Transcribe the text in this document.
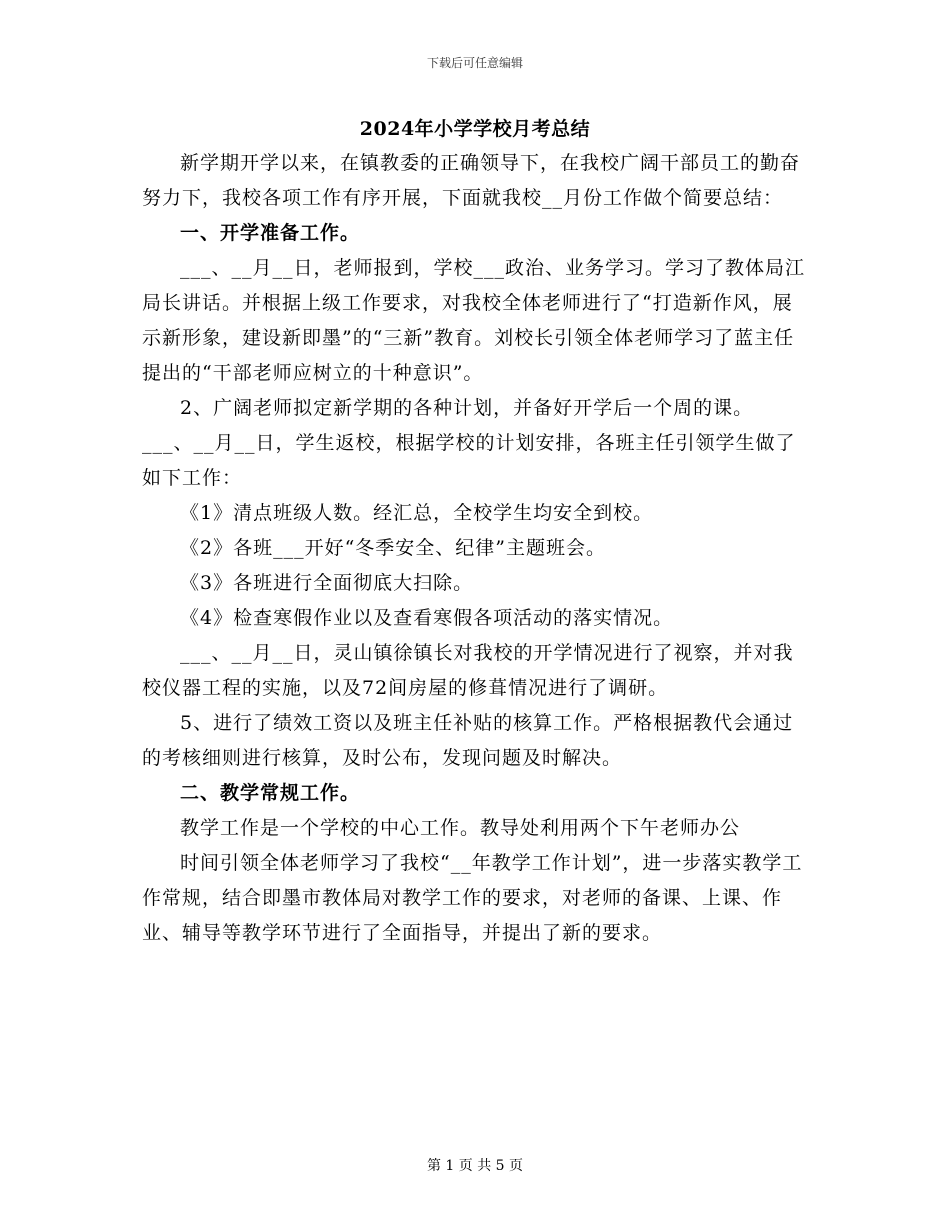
下载后可任意编辑
2024年小学学校月考总结

新学期开学以来，在镇教委的正确领导下，在我校广阔干部员工的勤奋努力下，我校各项工作有序开展，下面就我校__月份工作做个简要总结：

一、开学准备工作。

___、__月__日，老师报到，学校___政治、业务学习。学习了教体局江局长讲话。并根据上级工作要求，对我校全体老师进行了“打造新作风，展示新形象，建设新即墨”的“三新”教育。刘校长引领全体老师学习了蓝主任提出的“干部老师应树立的十种意识”。

2、广阔老师拟定新学期的各种计划，并备好开学后一个周的课。

___、__月__日，学生返校，根据学校的计划安排，各班主任引领学生做了如下工作：

《1》清点班级人数。经汇总，全校学生均安全到校。

《2》各班___开好“冬季安全、纪律”主题班会。

《3》各班进行全面彻底大扫除。

《4》检查寒假作业以及查看寒假各项活动的落实情况。

___、__月__日，灵山镇徐镇长对我校的开学情况进行了视察，并对我校仪器工程的实施，以及72间房屋的修葺情况进行了调研。

5、进行了绩效工资以及班主任补贴的核算工作。严格根据教代会通过的考核细则进行核算，及时公布，发现问题及时解决。

二、教学常规工作。

教学工作是一个学校的中心工作。教导处利用两个下午老师办公

时间引领全体老师学习了我校“__年教学工作计划”，进一步落实教学工作常规，结合即墨市教体局对教学工作的要求，对老师的备课、上课、作业、辅导等教学环节进行了全面指导，并提出了新的要求。

第 1 页 共 5 页
